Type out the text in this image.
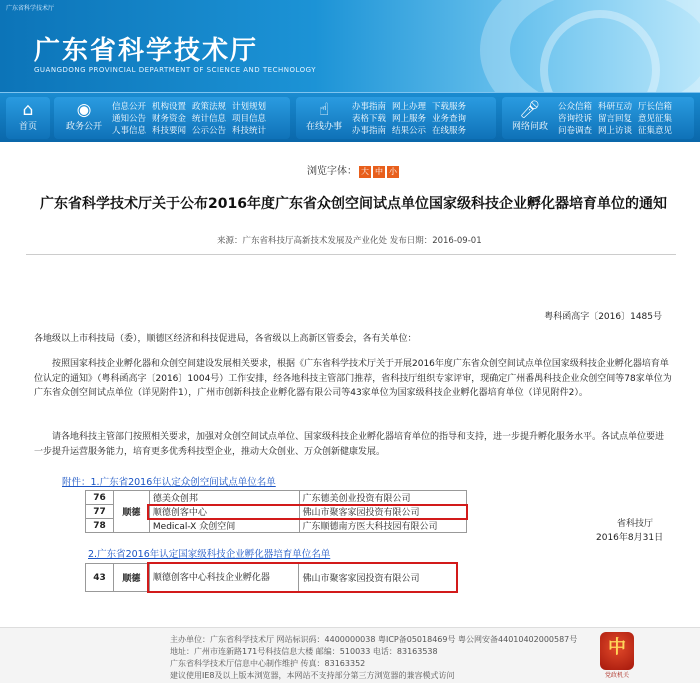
广东省科学技术厅
广东省科学技术厅
GUANGDONG PROVINCIAL DEPARTMENT OF SCIENCE AND TECHNOLOGY
⌂
首页
◉
政务公开
信息公开 机构设置 政策法规 计划规划通知公告 财务资金 统计信息 项目信息人事信息 科技要闻 公示公告 科技统计
☝
在线办事
办事指南 网上办理 下载服务表格下载 网上服务 业务查询办事指南 结果公示 在线服务
🎤︎
网络问政
公众信箱 科研互动 厅长信箱咨询投诉 留言回复 意见征集问卷调查 网上访谈 征集意见
浏览字体： 大 中 小
广东省科学技术厅关于公布2016年度广东省众创空间试点单位国家级科技企业孵化器培育单位的通知
来源：广东省科技厅高新技术发展及产业化处 发布日期：2016-09-01
粤科函高字〔2016〕1485号
各地级以上市科技局（委），顺德区经济和科技促进局，各省级以上高新区管委会，各有关单位：
按照国家科技企业孵化器和众创空间建设发展相关要求，根据《广东省科学技术厅关于开展2016年度广东省众创空间试点单位国家级科技企业孵化器培育单位认定的通知》（粤科函高字〔2016〕1004号）工作安排，经各地科技主管部门推荐，省科技厅组织专家评审，现确定广州番禺科技企业众创空间等78家单位为广东省众创空间试点单位（详见附件1），广州市创新科技企业孵化器有限公司等43家单位为国家级科技企业孵化器培育单位（详见附件2）。
请各地科技主管部门按照相关要求，加强对众创空间试点单位、国家级科技企业孵化器培育单位的指导和支持，进一步提升孵化服务水平。各试点单位要进一步提升运营服务能力，培育更多优秀科技型企业，推动大众创业、万众创新健康发展。
附件：1.广东省2016年认定众创空间试点单位名单
76	顺德	德美众创邦	广东德美创业投资有限公司
77		顺德创客中心	佛山市聚客家园投资有限公司
78		Medical-X 众创空间	广东顺德南方医大科技园有限公司	省科技厅
2016年8月31日
2.广东省2016年认定国家级科技企业孵化器培育单位名单
43	顺德	顺德创客中心科技企业孵化器	佛山市聚客家园投资有限公司
主办单位：广东省科学技术厅 网站标识码：4400000038 粤ICP备05018469号 粤公网安备44010402000587号
地址：广州市连新路171号科技信息大楼 邮编：510033 电话：83163538
广东省科学技术厅信息中心制作维护 传真：83163352
建议使用IE8及以上版本浏览器，本网站不支持部分第三方浏览器的兼容模式访问
中
党政机关
